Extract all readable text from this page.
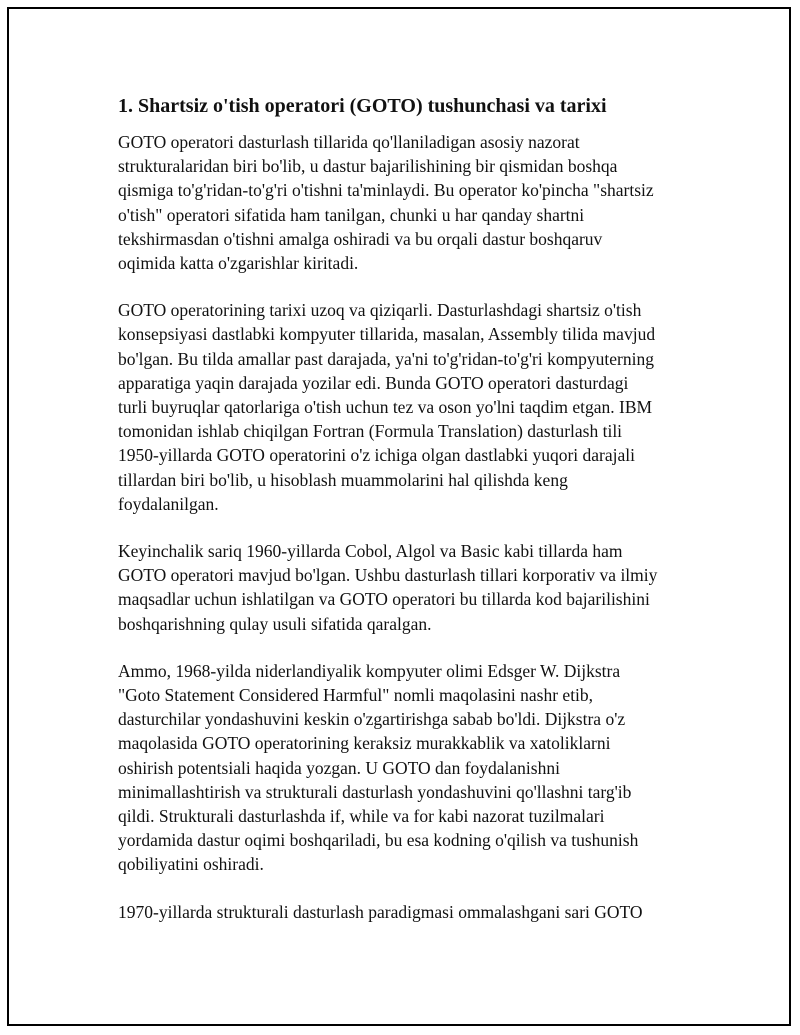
1. Shartsiz o'tish operatori (GOTO) tushunchasi va tarixi

GOTO operatori dasturlash tillarida qo'llaniladigan asosiy nazorat
strukturalaridan biri bo'lib, u dastur bajarilishining bir qismidan boshqa
qismiga to'g'ridan-to'g'ri o'tishni ta'minlaydi. Bu operator ko'pincha "shartsiz
o'tish" operatori sifatida ham tanilgan, chunki u har qanday shartni
tekshirmasdan o'tishni amalga oshiradi va bu orqali dastur boshqaruv
oqimida katta o'zgarishlar kiritadi.

GOTO operatorining tarixi uzoq va qiziqarli. Dasturlashdagi shartsiz o'tish
konsepsiyasi dastlabki kompyuter tillarida, masalan, Assembly tilida mavjud
bo'lgan. Bu tilda amallar past darajada, ya'ni to'g'ridan-to'g'ri kompyuterning
apparatiga yaqin darajada yozilar edi. Bunda GOTO operatori dasturdagi
turli buyruqlar qatorlariga o'tish uchun tez va oson yo'lni taqdim etgan. IBM
tomonidan ishlab chiqilgan Fortran (Formula Translation) dasturlash tili
1950-yillarda GOTO operatorini o'z ichiga olgan dastlabki yuqori darajali
tillardan biri bo'lib, u hisoblash muammolarini hal qilishda keng
foydalanilgan.

Keyinchalik sariq 1960-yillarda Cobol, Algol va Basic kabi tillarda ham
GOTO operatori mavjud bo'lgan. Ushbu dasturlash tillari korporativ va ilmiy
maqsadlar uchun ishlatilgan va GOTO operatori bu tillarda kod bajarilishini
boshqarishning qulay usuli sifatida qaralgan.

Ammo, 1968-yilda niderlandiyalik kompyuter olimi Edsger W. Dijkstra
"Goto Statement Considered Harmful" nomli maqolasini nashr etib,
dasturchilar yondashuvini keskin o'zgartirishga sabab bo'ldi. Dijkstra o'z
maqolasida GOTO operatorining keraksiz murakkablik va xatoliklarni
oshirish potentsiali haqida yozgan. U GOTO dan foydalanishni
minimallashtirish va strukturali dasturlash yondashuvini qo'llashni targ'ib
qildi. Strukturali dasturlashda if, while va for kabi nazorat tuzilmalari
yordamida dastur oqimi boshqariladi, bu esa kodning o'qilish va tushunish
qobiliyatini oshiradi.

1970-yillarda strukturali dasturlash paradigmasi ommalashgani sari GOTO
